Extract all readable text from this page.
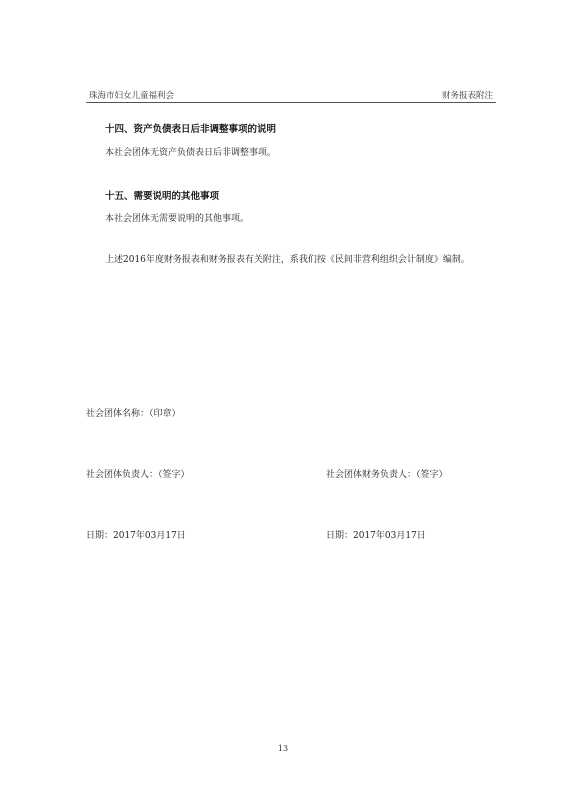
珠海市妇女儿童福利会	财务报表附注
十四、资产负债表日后非调整事项的说明
本社会团体无资产负债表日后非调整事项。
十五、需要说明的其他事项
本社会团体无需要说明的其他事项。
上述2016年度财务报表和财务报表有关附注，系我们按《民间非营利组织会计制度》编制。
社会团体名称：（印章）
社会团体负责人：（签字）	社会团体财务负责人：（签字）
日期：2017年03月17日	日期：2017年03月17日
13
